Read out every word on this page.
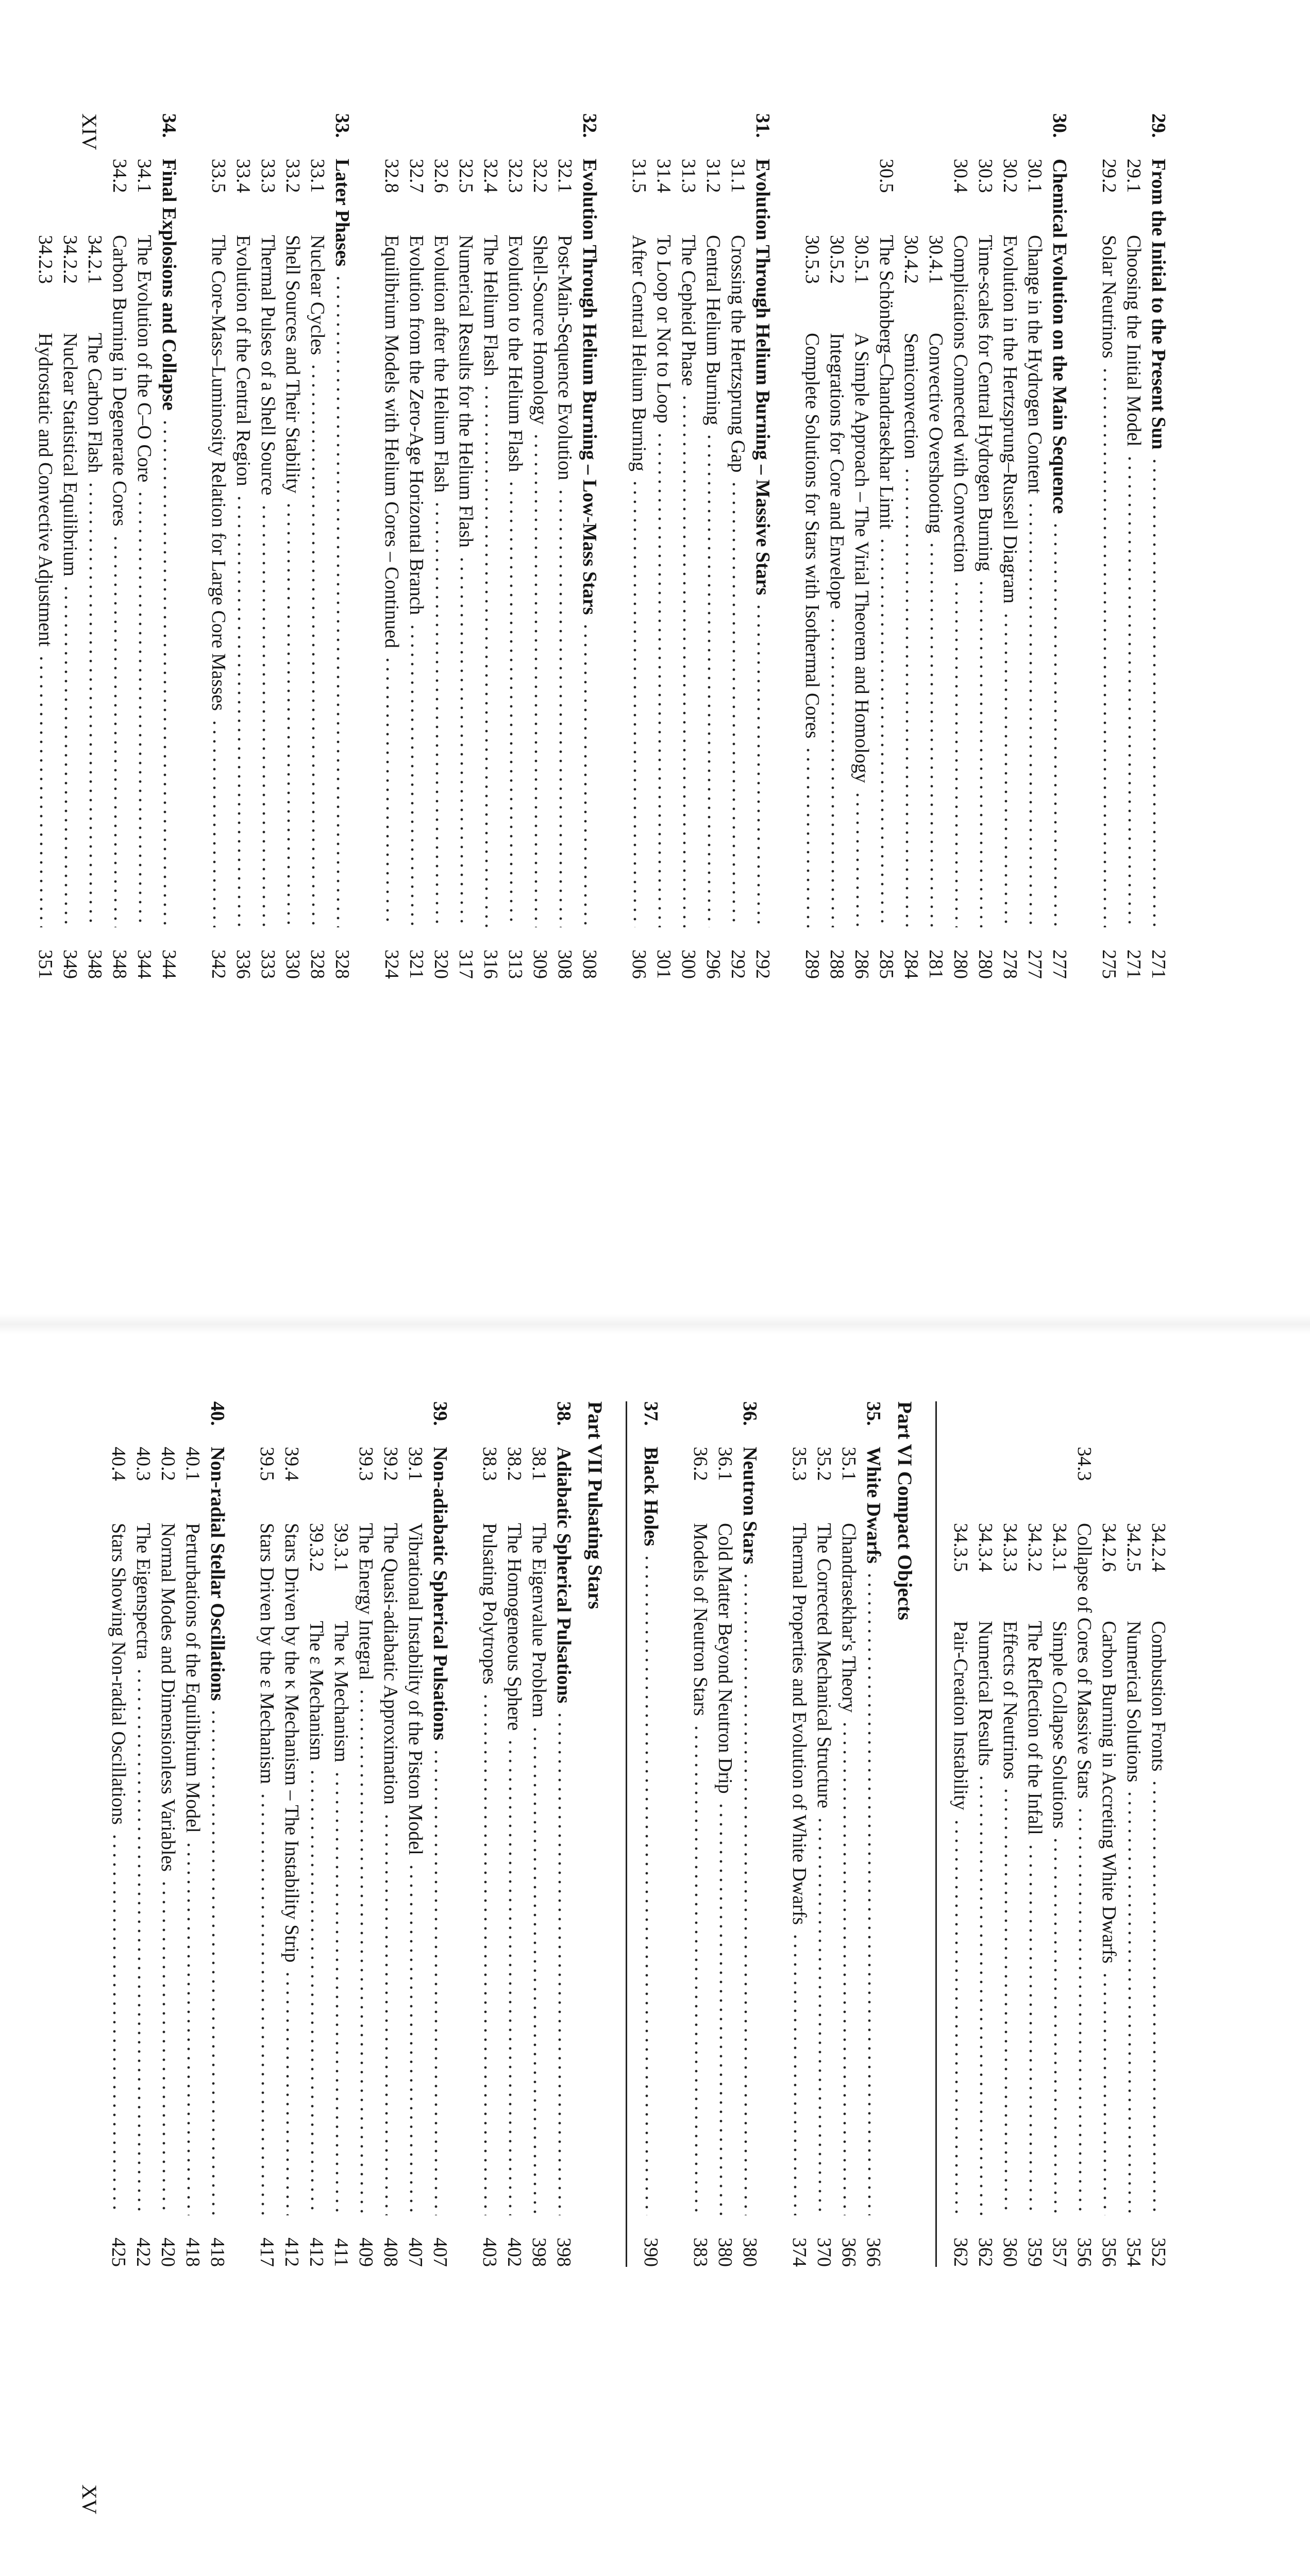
29.
From the Initial to the Present Sun
271
29.1
Choosing the Initial Model
271
29.2
Solar Neutrinos
275
30.
Chemical Evolution on the Main Sequence
277
30.1
Change in the Hydrogen Content
277
30.2
Evolution in the Hertzsprung–Russell Diagram
278
30.3
Time-scales for Central Hydrogen Burning
280
30.4
Complications Connected with Convection
280
30.4.1
Convective Overshooting
281
30.4.2
Semiconvection
284
30.5
The Schönberg–Chandrasekhar Limit
285
30.5.1
A Simple Approach – The Virial Theorem and Homology
286
30.5.2
Integrations for Core and Envelope
288
30.5.3
Complete Solutions for Stars with Isothermal Cores
289
31.
Evolution Through Helium Burning – Massive Stars
292
31.1
Crossing the Hertzsprung Gap
292
31.2
Central Helium Burning
296
31.3
The Cepheid Phase
300
31.4
To Loop or Not to Loop
301
31.5
After Central Helium Burning
306
32.
Evolution Through Helium Burning – Low-Mass Stars
308
32.1
Post-Main-Sequence Evolution
308
32.2
Shell-Source Homology
309
32.3
Evolution to the Helium Flash
313
32.4
The Helium Flash
316
32.5
Numerical Results for the Helium Flash
317
32.6
Evolution after the Helium Flash
320
32.7
Evolution from the Zero-Age Horizontal Branch
321
32.8
Equilibrium Models with Helium Cores – Continued
324
33.
Later Phases
328
33.1
Nuclear Cycles
328
33.2
Shell Sources and Their Stability
330
33.3
Thermal Pulses of a Shell Source
333
33.4
Evolution of the Central Region
336
33.5
The Core-Mass–Luminosity Relation for Large Core Masses
342
34.
Final Explosions and Collapse
344
34.1
The Evolution of the C–O Core
344
34.2
Carbon Burning in Degenerate Cores
348
34.2.1
The Carbon Flash
348
34.2.2
Nuclear Statistical Equilibrium
349
34.2.3
Hydrostatic and Convective Adjustment
351
XIV
34.2.4
Combustion Fronts
352
34.2.5
Numerical Solutions
354
34.2.6
Carbon Burning in Accreting White Dwarfs
356
34.3
Collapse of Cores of Massive Stars
356
34.3.1
Simple Collapse Solutions
357
34.3.2
The Reflection of the Infall
359
34.3.3
Effects of Neutrinos
360
34.3.4
Numerical Results
362
34.3.5
Pair-Creation Instability
362
Part VI Compact Objects
35.
White Dwarfs
366
35.1
Chandrasekhar's Theory
366
35.2
The Corrected Mechanical Structure
370
35.3
Thermal Properties and Evolution of White Dwarfs
374
36.
Neutron Stars
380
36.1
Cold Matter Beyond Neutron Drip
380
36.2
Models of Neutron Stars
383
37.
Black Holes
390
Part VII Pulsating Stars
38.
Adiabatic Spherical Pulsations
398
38.1
The Eigenvalue Problem
398
38.2
The Homogeneous Sphere
402
38.3
Pulsating Polytropes
403
39.
Non-adiabatic Spherical Pulsations
407
39.1
Vibrational Instability of the Piston Model
407
39.2
The Quasi-adiabatic Approximation
408
39.3
The Energy Integral
409
39.3.1
The κ Mechanism
411
39.3.2
The ε Mechanism
412
39.4
Stars Driven by the κ Mechanism – The Instability Strip
412
39.5
Stars Driven by the ε Mechanism
417
40.
Non-radial Stellar Oscillations
418
40.1
Perturbations of the Equilibrium Model
418
40.2
Normal Modes and Dimensionless Variables
420
40.3
The Eigenspectra
422
40.4
Stars Showing Non-radial Oscillations
425
XV
